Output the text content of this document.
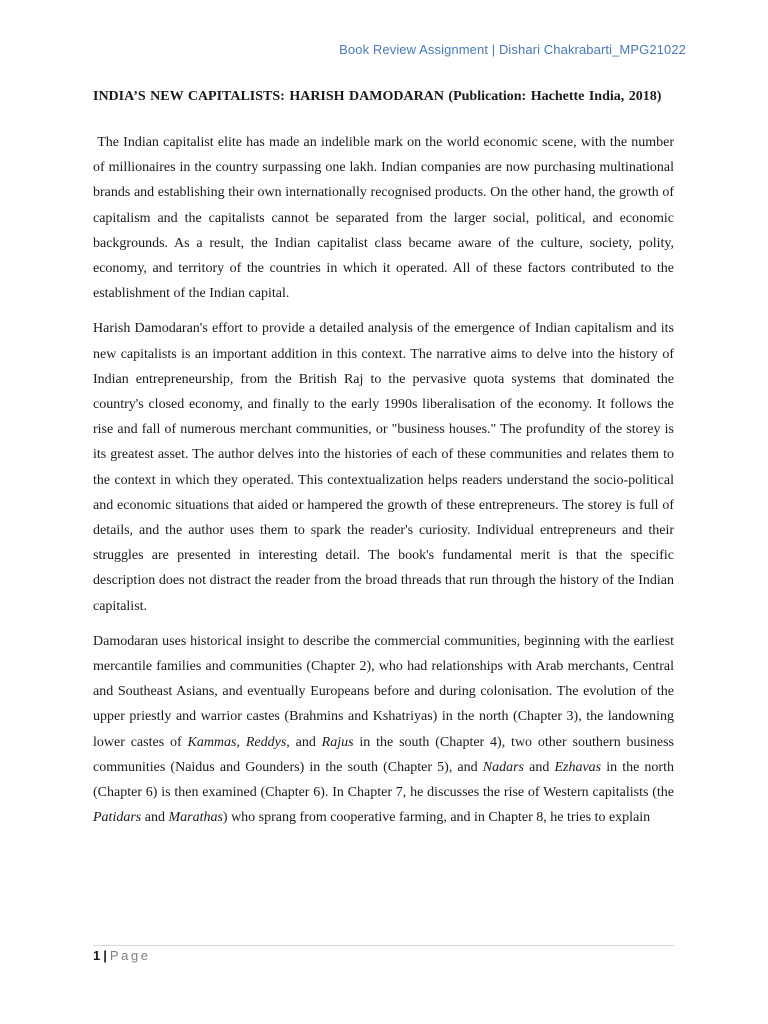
Book Review Assignment | Dishari Chakrabarti_MPG21022

INDIA’S NEW CAPITALISTS: HARISH DAMODARAN (Publication: Hachette India, 2018)

The Indian capitalist elite has made an indelible mark on the world economic scene, with the number of millionaires in the country surpassing one lakh. Indian companies are now purchasing multinational brands and establishing their own internationally recognised products. On the other hand, the growth of capitalism and the capitalists cannot be separated from the larger social, political, and economic backgrounds. As a result, the Indian capitalist class became aware of the culture, society, polity, economy, and territory of the countries in which it operated. All of these factors contributed to the establishment of the Indian capital.

Harish Damodaran's effort to provide a detailed analysis of the emergence of Indian capitalism and its new capitalists is an important addition in this context. The narrative aims to delve into the history of Indian entrepreneurship, from the British Raj to the pervasive quota systems that dominated the country's closed economy, and finally to the early 1990s liberalisation of the economy. It follows the rise and fall of numerous merchant communities, or "business houses." The profundity of the storey is its greatest asset. The author delves into the histories of each of these communities and relates them to the context in which they operated. This contextualization helps readers understand the socio-political and economic situations that aided or hampered the growth of these entrepreneurs. The storey is full of details, and the author uses them to spark the reader's curiosity. Individual entrepreneurs and their struggles are presented in interesting detail. The book's fundamental merit is that the specific description does not distract the reader from the broad threads that run through the history of the Indian capitalist.

Damodaran uses historical insight to describe the commercial communities, beginning with the earliest mercantile families and communities (Chapter 2), who had relationships with Arab merchants, Central and Southeast Asians, and eventually Europeans before and during colonisation. The evolution of the upper priestly and warrior castes (Brahmins and Kshatriyas) in the north (Chapter 3), the landowning lower castes of Kammas, Reddys, and Rajus in the south (Chapter 4), two other southern business communities (Naidus and Gounders) in the south (Chapter 5), and Nadars and Ezhavas in the north (Chapter 6) is then examined (Chapter 6). In Chapter 7, he discusses the rise of Western capitalists (the Patidars and Marathas) who sprang from cooperative farming, and in Chapter 8, he tries to explain

1 | Page
